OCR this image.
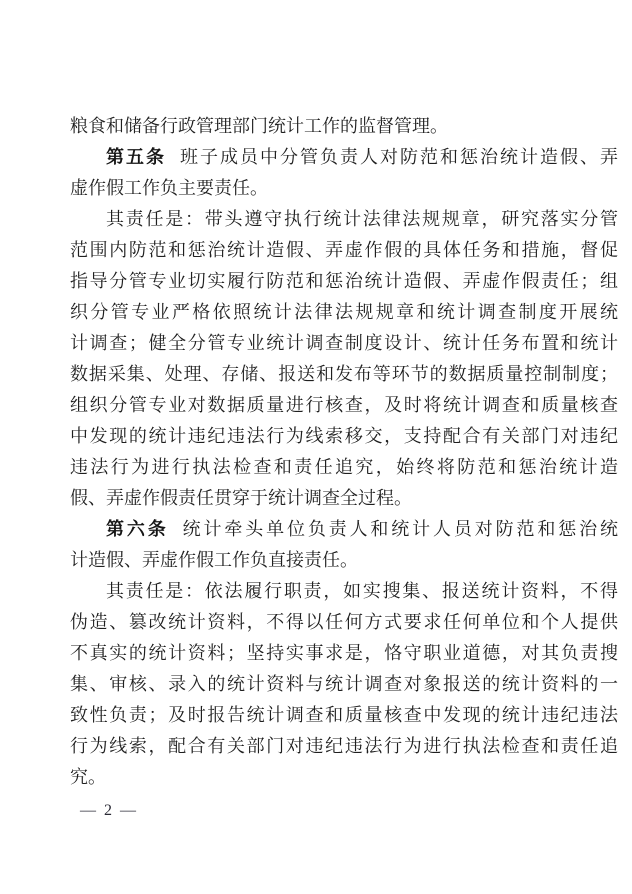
粮食和储备行政管理部门统计工作的监督管理。
第五条 班子成员中分管负责人对防范和惩治统计造假、弄
虚作假工作负主要责任。
其责任是：带头遵守执行统计法律法规规章，研究落实分管
范围内防范和惩治统计造假、弄虚作假的具体任务和措施，督促
指导分管专业切实履行防范和惩治统计造假、弄虚作假责任；组
织分管专业严格依照统计法律法规规章和统计调查制度开展统
计调查；健全分管专业统计调查制度设计、统计任务布置和统计
数据采集、处理、存储、报送和发布等环节的数据质量控制制度；
组织分管专业对数据质量进行核查，及时将统计调查和质量核查
中发现的统计违纪违法行为线索移交，支持配合有关部门对违纪
违法行为进行执法检查和责任追究，始终将防范和惩治统计造
假、弄虚作假责任贯穿于统计调查全过程。
第六条 统计牵头单位负责人和统计人员对防范和惩治统
计造假、弄虚作假工作负直接责任。
其责任是：依法履行职责，如实搜集、报送统计资料，不得
伪造、篡改统计资料，不得以任何方式要求任何单位和个人提供
不真实的统计资料；坚持实事求是，恪守职业道德，对其负责搜
集、审核、录入的统计资料与统计调查对象报送的统计资料的一
致性负责；及时报告统计调查和质量核查中发现的统计违纪违法
行为线索，配合有关部门对违纪违法行为进行执法检查和责任追
究。
— 2 —
